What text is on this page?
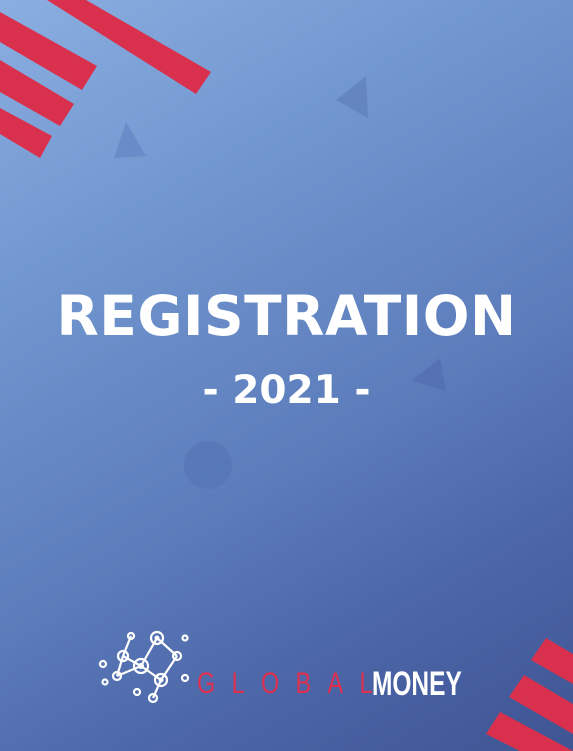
REGISTRATION
- 2021 -
GLOBAL
MONEY
